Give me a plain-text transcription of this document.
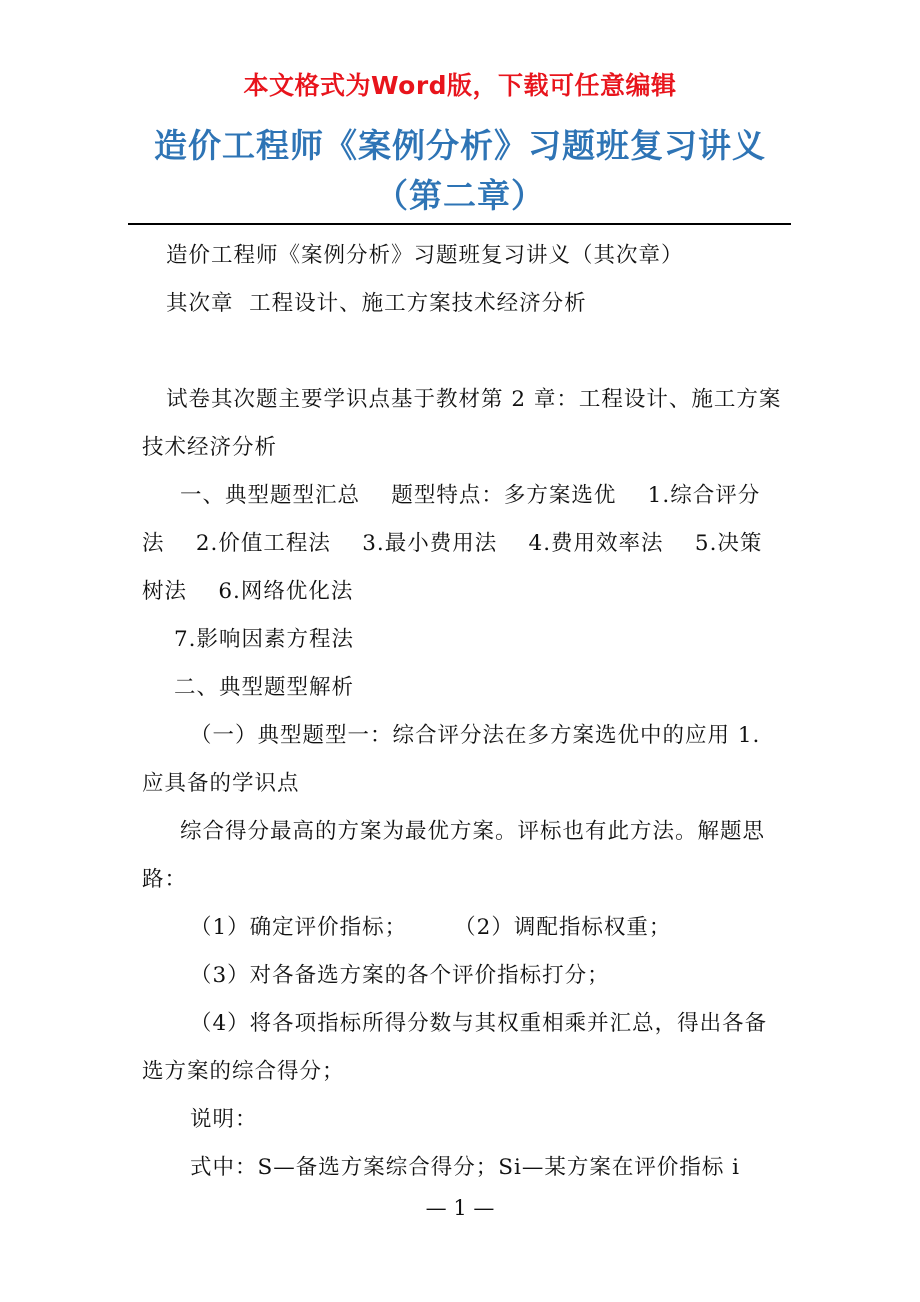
本文格式为Word版，下载可任意编辑
造价工程师《案例分析》习题班复习讲义
（第二章）

造价工程师《案例分析》习题班复习讲义（其次章）

其次章  工程设计、施工方案技术经济分析

试卷其次题主要学识点基于教材第 2 章：工程设计、施工方案技术经济分析

一、典型题型汇总    题型特点：多方案选优    1.综合评分法    2.价值工程法    3.最小费用法    4.费用效率法    5.决策树法    6.网络优化法

7.影响因素方程法

二、典型题型解析

（一）典型题型一：综合评分法在多方案选优中的应用 1.应具备的学识点

综合得分最高的方案为最优方案。评标也有此方法。解题思路：

（1）确定评价指标；      （2）调配指标权重；

（3）对各备选方案的各个评价指标打分；

（4）将各项指标所得分数与其权重相乘并汇总，得出各备选方案的综合得分；

说明：

式中：S—备选方案综合得分；Si—某方案在评价指标 i

— 1 —
